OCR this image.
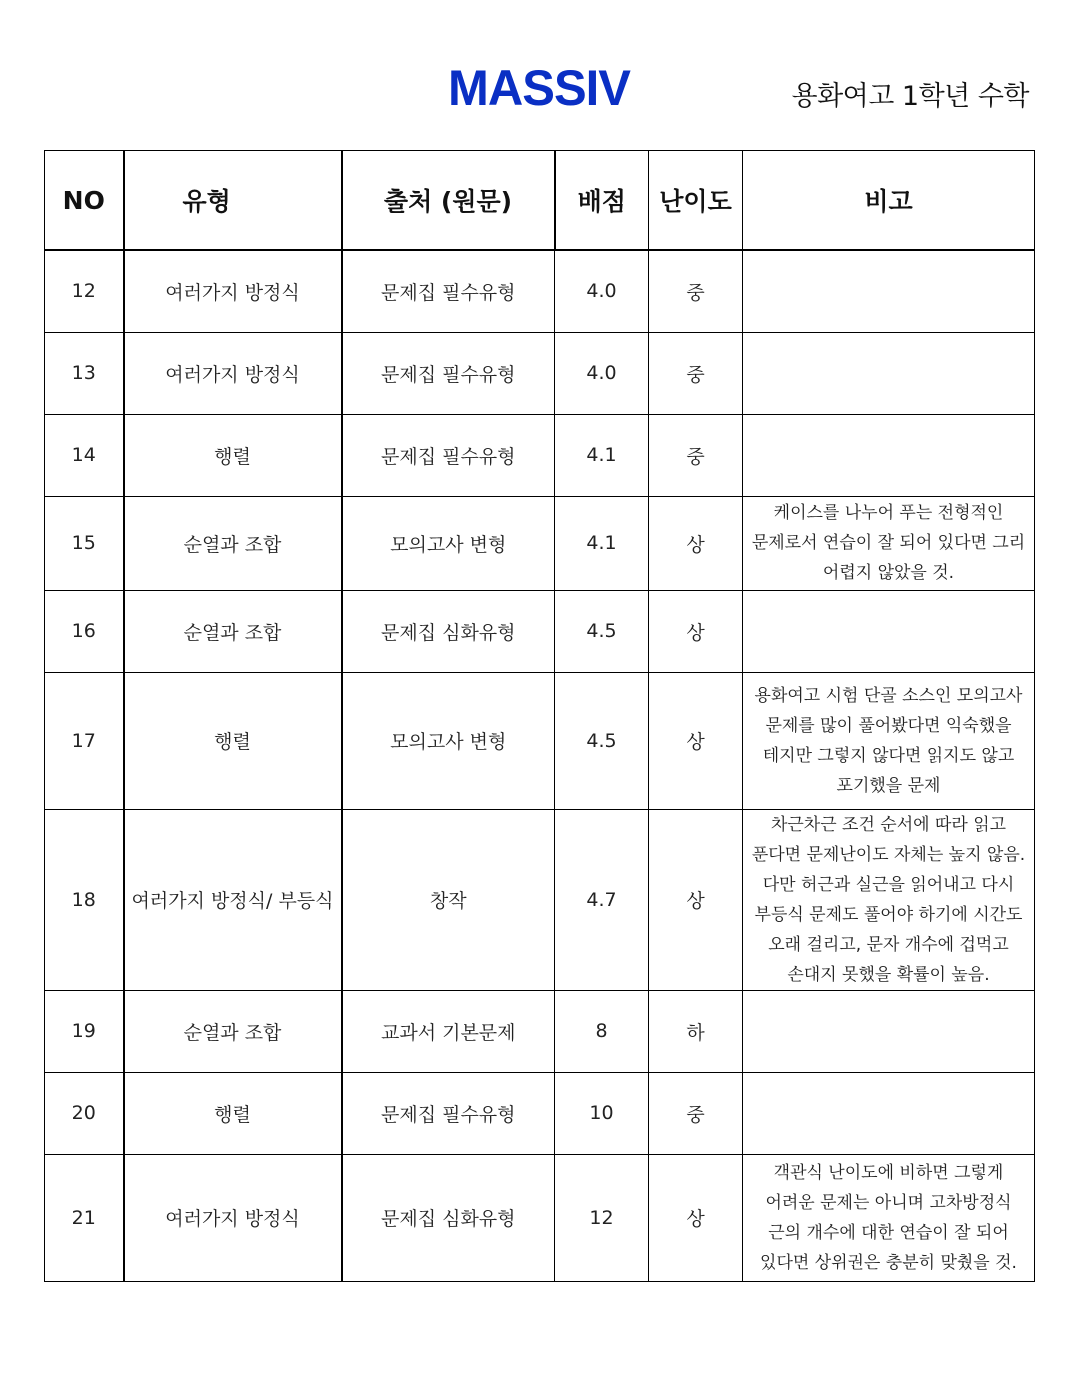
MASSIV	용화여고 1학년 수학
NO	유형	출처 (원문)	배점	난이도	비고
12	여러가지 방정식	문제집 필수유형	4.0	중	
13	여러가지 방정식	문제집 필수유형	4.0	중	
14	행렬	문제집 필수유형	4.1	중	
15	순열과 조합	모의고사 변형	4.1	상	케이스를 나누어 푸는 전형적인 문제로서 연습이 잘 되어 있다면 그리 어렵지 않았을 것.
16	순열과 조합	문제집 심화유형	4.5	상	
17	행렬	모의고사 변형	4.5	상	용화여고 시험 단골 소스인 모의고사 문제를 많이 풀어봤다면 익숙했을 테지만 그렇지 않다면 읽지도 않고 포기했을 문제
18	여러가지 방정식/ 부등식	창작	4.7	상	차근차근 조건 순서에 따라 읽고 푼다면 문제난이도 자체는 높지 않음. 다만 허근과 실근을 읽어내고 다시 부등식 문제도 풀어야 하기에 시간도 오래 걸리고, 문자 개수에 겁먹고 손대지 못했을 확률이 높음.
19	순열과 조합	교과서 기본문제	8	하	
20	행렬	문제집 필수유형	10	중	
21	여러가지 방정식	문제집 심화유형	12	상	객관식 난이도에 비하면 그렇게 어려운 문제는 아니며 고차방정식 근의 개수에 대한 연습이 잘 되어 있다면 상위권은 충분히 맞췄을 것.
